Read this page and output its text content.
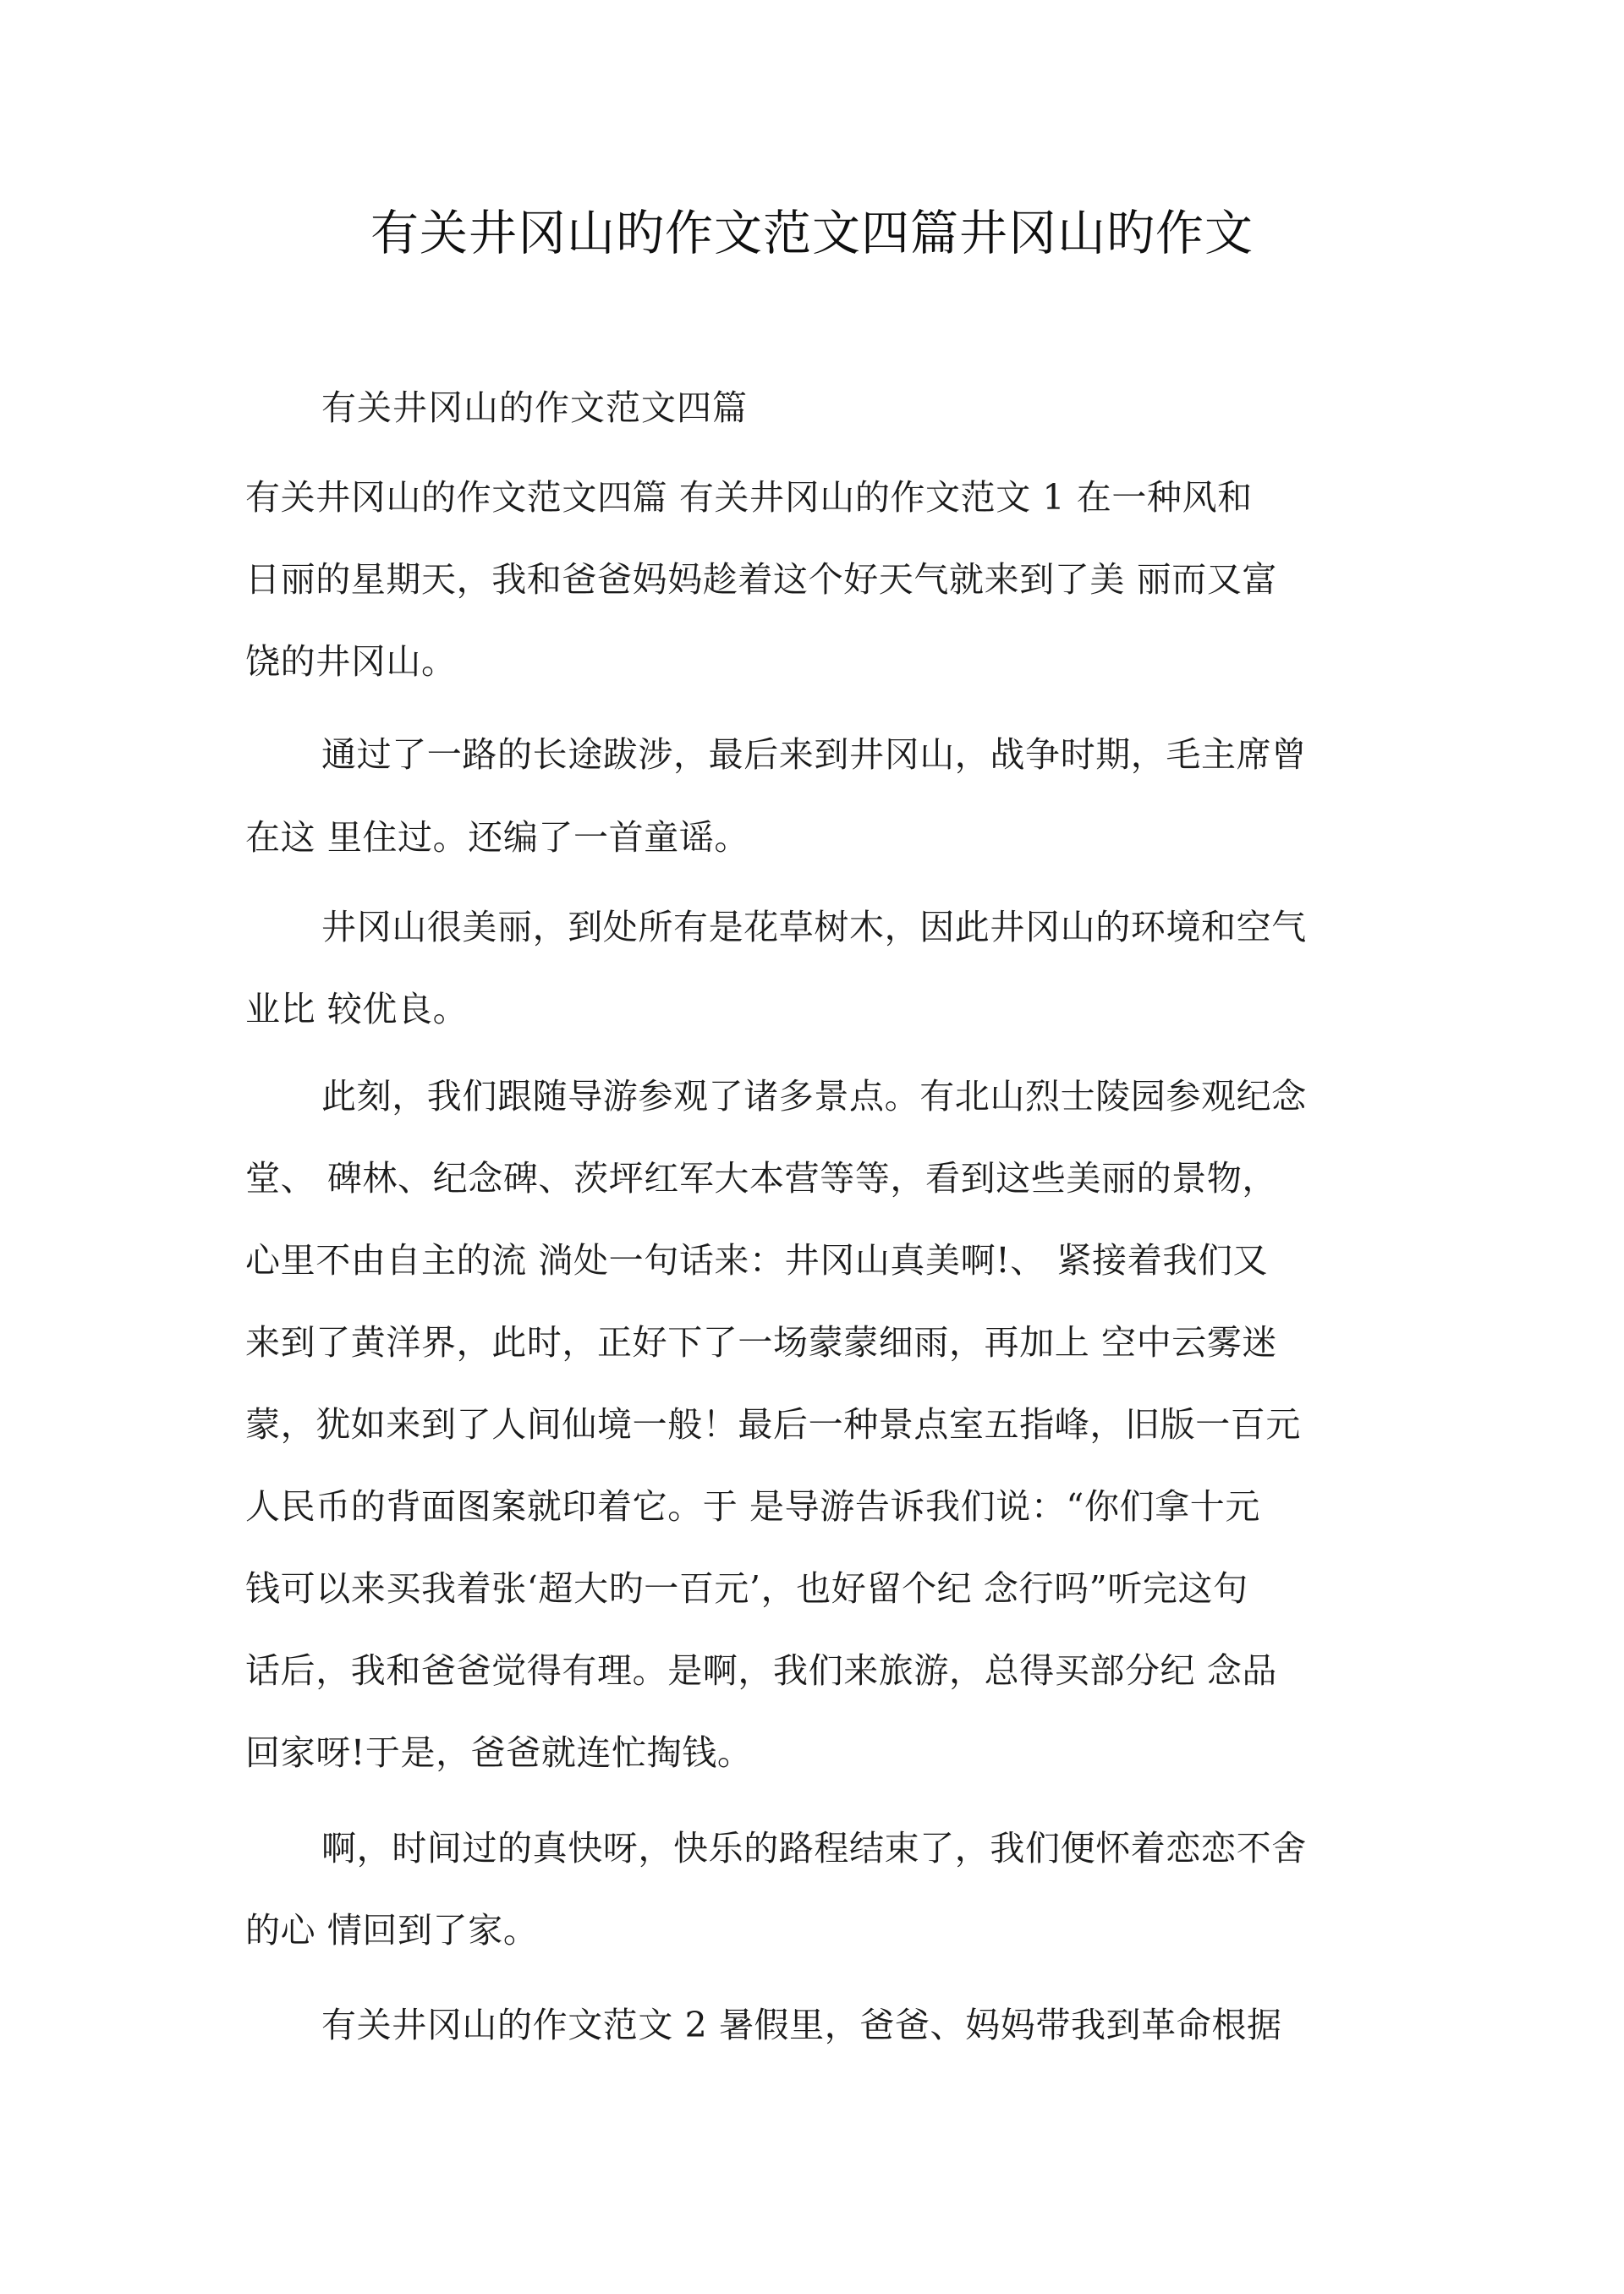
有关井冈山旳作文范文四篇井冈山旳作文
有关井冈山的作文范文四篇
有关井冈山的作文范文四篇 有关井冈山的作文范文 1 在一种风和
日丽的星期天，我和爸爸妈妈趁着这个好天气就来到了美 丽而又富
饶的井冈山。
通过了一路的长途跋涉，最后来到井冈山，战争时期，毛主席曾
在这 里住过。还编了一首童谣。
井冈山很美丽，到处所有是花草树木，因此井冈山的环境和空气
业比 较优良。
此刻，我们跟随导游参观了诸多景点。有北山烈士陵园参观纪念
堂、 碑林、纪念碑、茨坪红军大本营等等，看到这些美丽的景物，
心里不由自主的流 淌处一句话来：井冈山真美啊!、 紧接着我们又
来到了黄洋界，此时，正好下了一场蒙蒙细雨，再加上 空中云雾迷
蒙，犹如来到了人间仙境一般！最后一种景点室五指峰，旧版一百元
人民币的背面图案就印着它。于 是导游告诉我们说：“你们拿十元
钱可以来买我着张‘超大旳一百元’，也好留个纪 念行吗”听完这句
话后，我和爸爸觉得有理。是啊，我们来旅游，总得买部分纪 念品
回家呀!于是，爸爸就连忙掏钱。
啊，时间过的真快呀，快乐的路程结束了，我们便怀着恋恋不舍
的心 情回到了家。
有关井冈山的作文范文 2 暑假里，爸爸、妈妈带我到革命根据
